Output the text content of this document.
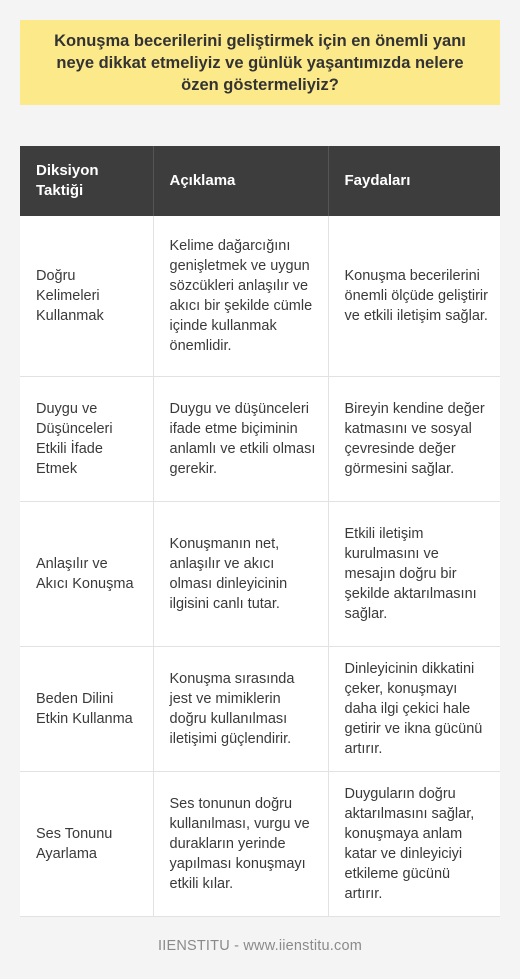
Konuşma becerilerini geliştirmek için en önemli yanı neye dikkat etmeliyiz ve günlük yaşantımızda nelere özen göstermeliyiz?
Diksiyon Taktiği	Açıklama	Faydaları
Doğru Kelimeleri Kullanmak	Kelime dağarcığını genişletmek ve uygun sözcükleri anlaşılır ve akıcı bir şekilde cümle içinde kullanmak önemlidir.	Konuşma becerilerini önemli ölçüde geliştirir ve etkili iletişim sağlar.
Duygu ve Düşünceleri Etkili İfade Etmek	Duygu ve düşünceleri ifade etme biçiminin anlamlı ve etkili olması gerekir.	Bireyin kendine değer katmasını ve sosyal çevresinde değer görmesini sağlar.
Anlaşılır ve Akıcı Konuşma	Konuşmanın net, anlaşılır ve akıcı olması dinleyicinin ilgisini canlı tutar.	Etkili iletişim kurulmasını ve mesajın doğru bir şekilde aktarılmasını sağlar.
Beden Dilini Etkin Kullanma	Konuşma sırasında jest ve mimiklerin doğru kullanılması iletişimi güçlendirir.	Dinleyicinin dikkatini çeker, konuşmayı daha ilgi çekici hale getirir ve ikna gücünü artırır.
Ses Tonunu Ayarlama	Ses tonunun doğru kullanılması, vurgu ve durakların yerinde yapılması konuşmayı etkili kılar.	Duyguların doğru aktarılmasını sağlar, konuşmaya anlam katar ve dinleyiciyi etkileme gücünü artırır.
IIENSTITU - www.iienstitu.com
